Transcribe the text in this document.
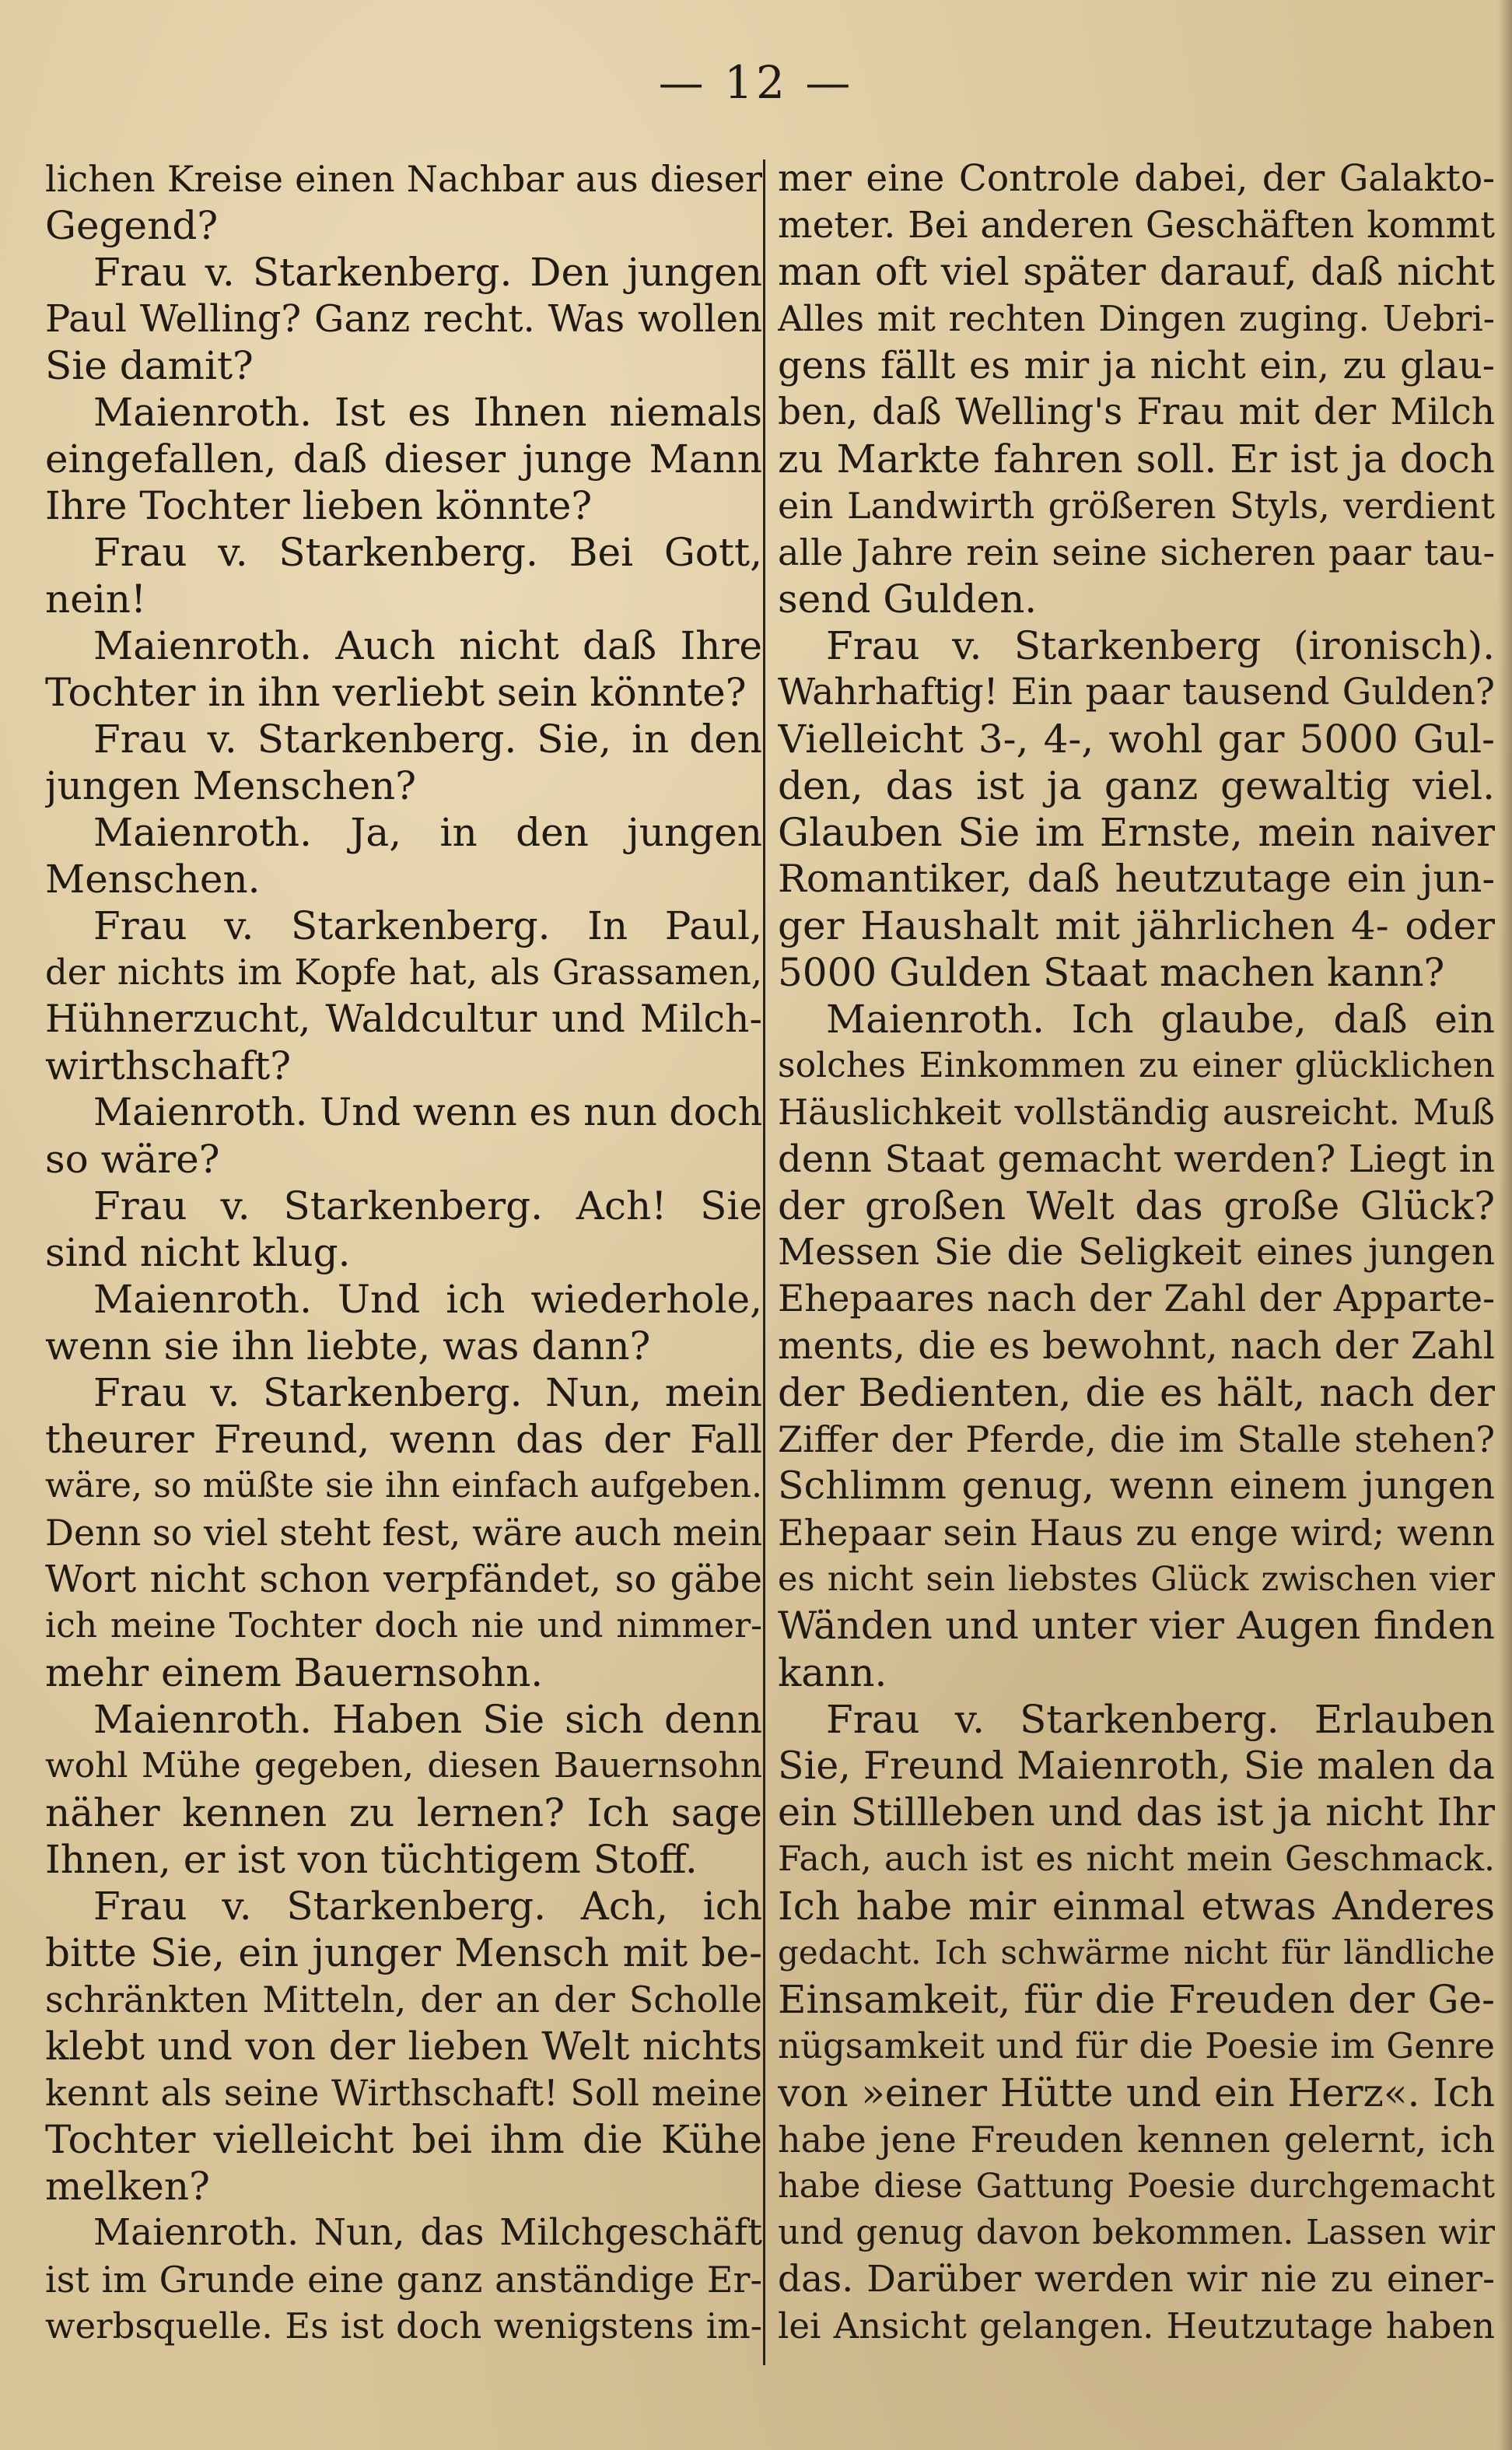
— 12 —
lichen Kreise einen Nachbar aus dieser
Gegend?
Frau v. Starkenberg. Den jungen
Paul Welling? Ganz recht. Was wollen
Sie damit?
Maienroth. Ist es Ihnen niemals
eingefallen, daß dieser junge Mann
Ihre Tochter lieben könnte?
Frau v. Starkenberg. Bei Gott,
nein!
Maienroth. Auch nicht daß Ihre
Tochter in ihn verliebt sein könnte?
Frau v. Starkenberg. Sie, in den
jungen Menschen?
Maienroth. Ja, in den jungen
Menschen.
Frau v. Starkenberg. In Paul,
der nichts im Kopfe hat, als Grassamen,
Hühnerzucht, Waldcultur und Milch-
wirthschaft?
Maienroth. Und wenn es nun doch
so wäre?
Frau v. Starkenberg. Ach! Sie
sind nicht klug.
Maienroth. Und ich wiederhole,
wenn sie ihn liebte, was dann?
Frau v. Starkenberg. Nun, mein
theurer Freund, wenn das der Fall
wäre, so müßte sie ihn einfach aufgeben.
Denn so viel steht fest, wäre auch mein
Wort nicht schon verpfändet, so gäbe
ich meine Tochter doch nie und nimmer-
mehr einem Bauernsohn.
Maienroth. Haben Sie sich denn
wohl Mühe gegeben, diesen Bauernsohn
näher kennen zu lernen? Ich sage
Ihnen, er ist von tüchtigem Stoff.
Frau v. Starkenberg. Ach, ich
bitte Sie, ein junger Mensch mit be-
schränkten Mitteln, der an der Scholle
klebt und von der lieben Welt nichts
kennt als seine Wirthschaft! Soll meine
Tochter vielleicht bei ihm die Kühe
melken?
Maienroth. Nun, das Milchgeschäft
ist im Grunde eine ganz anständige Er-
werbsquelle. Es ist doch wenigstens im-
mer eine Controle dabei, der Galakto-
meter. Bei anderen Geschäften kommt
man oft viel später darauf, daß nicht
Alles mit rechten Dingen zuging. Uebri-
gens fällt es mir ja nicht ein, zu glau-
ben, daß Welling's Frau mit der Milch
zu Markte fahren soll. Er ist ja doch
ein Landwirth größeren Styls, verdient
alle Jahre rein seine sicheren paar tau-
send Gulden.
Frau v. Starkenberg (ironisch).
Wahrhaftig! Ein paar tausend Gulden?
Vielleicht 3-, 4-, wohl gar 5000 Gul-
den, das ist ja ganz gewaltig viel.
Glauben Sie im Ernste, mein naiver
Romantiker, daß heutzutage ein jun-
ger Haushalt mit jährlichen 4- oder
5000 Gulden Staat machen kann?
Maienroth. Ich glaube, daß ein
solches Einkommen zu einer glücklichen
Häuslichkeit vollständig ausreicht. Muß
denn Staat gemacht werden? Liegt in
der großen Welt das große Glück?
Messen Sie die Seligkeit eines jungen
Ehepaares nach der Zahl der Apparte-
ments, die es bewohnt, nach der Zahl
der Bedienten, die es hält, nach der
Ziffer der Pferde, die im Stalle stehen?
Schlimm genug, wenn einem jungen
Ehepaar sein Haus zu enge wird; wenn
es nicht sein liebstes Glück zwischen vier
Wänden und unter vier Augen finden
kann.
Frau v. Starkenberg. Erlauben
Sie, Freund Maienroth, Sie malen da
ein Stillleben und das ist ja nicht Ihr
Fach, auch ist es nicht mein Geschmack.
Ich habe mir einmal etwas Anderes
gedacht. Ich schwärme nicht für ländliche
Einsamkeit, für die Freuden der Ge-
nügsamkeit und für die Poesie im Genre
von »einer Hütte und ein Herz«. Ich
habe jene Freuden kennen gelernt, ich
habe diese Gattung Poesie durchgemacht
und genug davon bekommen. Lassen wir
das. Darüber werden wir nie zu einer-
lei Ansicht gelangen. Heutzutage haben
